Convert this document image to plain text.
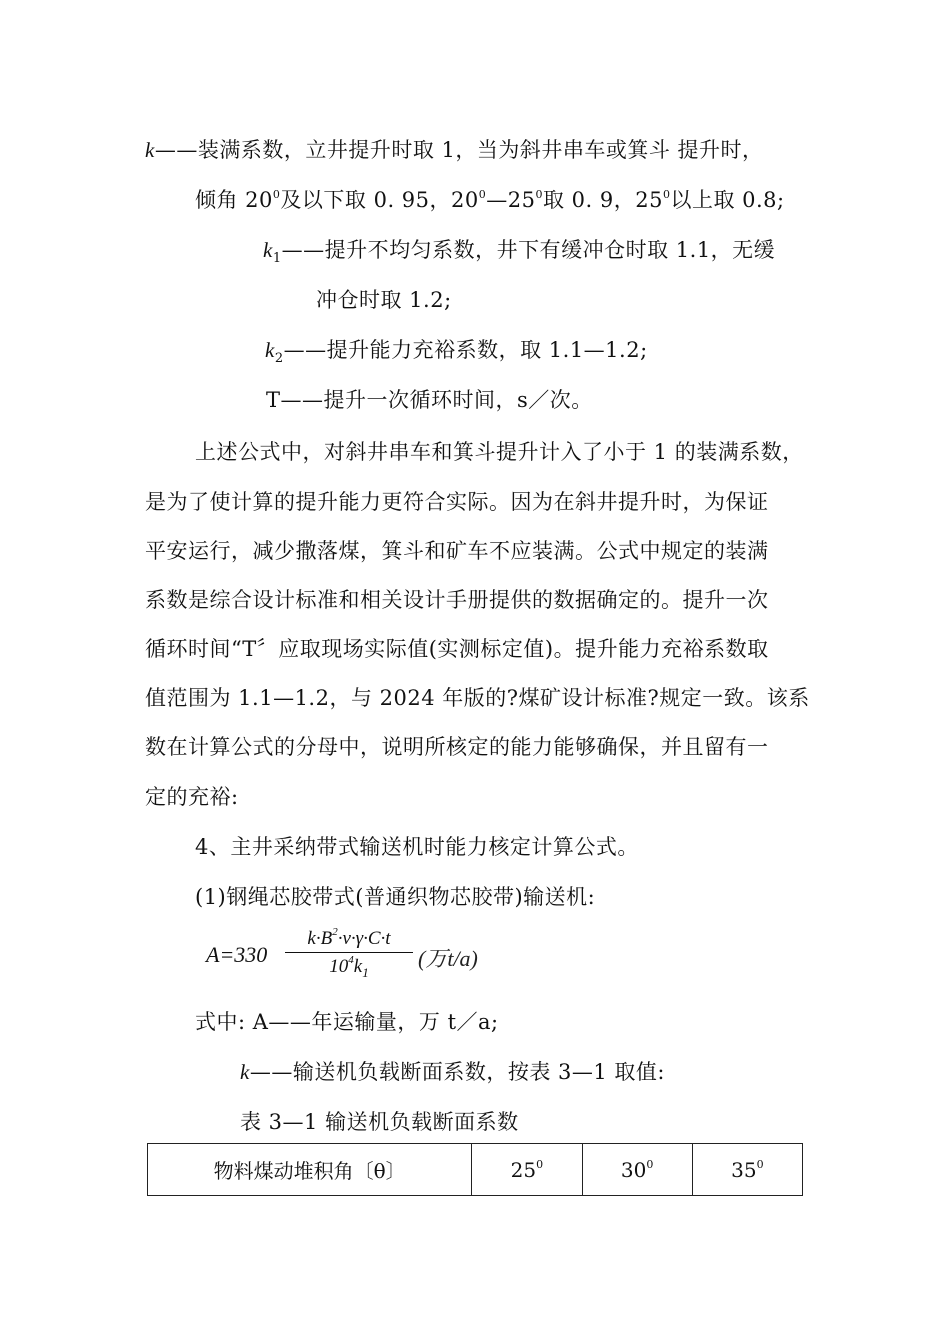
k——装满系数，立井提升时取 1，当为斜井串车或箕斗 提升时，
倾角 $20^0$及以下取 0. 95，$20^0—25^0$取 0. 9，$25^0$以上取 0.8;
$k_1——$提升不均匀系数，井下有缓冲仓时取 1.1，无缓
冲仓时取 1.2;
$k_2——$提升能力充裕系数，取 1.1—1.2;
T——提升一次循环时间，s／次。
上述公式中，对斜井串车和箕斗提升计入了小于 1 的装满系数，
是为了使计算的提升能力更符合实际。因为在斜井提升时，为保证
平安运行，减少撒落煤，箕斗和矿车不应装满。公式中规定的装满
系数是综合设计标准和相关设计手册提供的数据确定的。提升一次
循环时间“T〞应取现场实际值(实测标定值)。提升能力充裕系数取
值范围为 1.1—1.2，与 2024 年版的?煤矿设计标准?规定一致。该系
数在计算公式的分母中，说明所核定的能力能够确保，并且留有一
定的充裕:
4、主井采纳带式输送机时能力核定计算公式。
(1)钢绳芯胶带式(普通织物芯胶带)输送机:
A=330
$k\cdot B^2\cdot v\cdot\gamma\cdot C\cdot t$
$10^4k_1$
(万t/a)
式中: A——年运输量，万 t／a;
k——输送机负载断面系数，按表 3—1 取值:
表 3—1 输送机负载断面系数
物料煤动堆积角〔θ〕	$25^0$	$30^0$	$35^0$
